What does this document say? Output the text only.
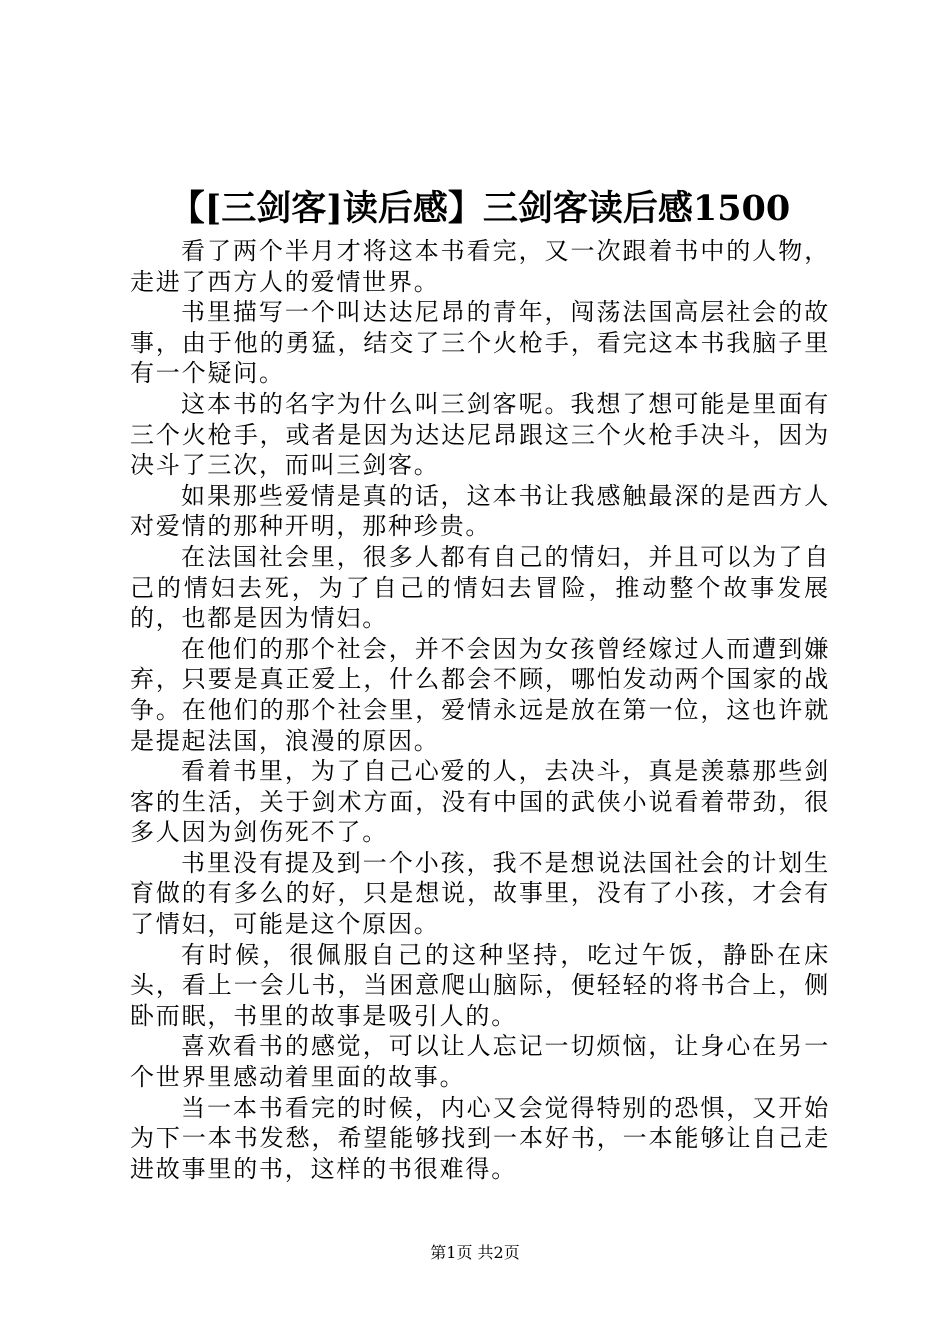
【[三剑客]读后感】三剑客读后感1500

看了两个半月才将这本书看完，又一次跟着书中的人物，走进了西方人的爱情世界。

书里描写一个叫达达尼昂的青年，闯荡法国高层社会的故事，由于他的勇猛，结交了三个火枪手，看完这本书我脑子里有一个疑问。

这本书的名字为什么叫三剑客呢。我想了想可能是里面有三个火枪手，或者是因为达达尼昂跟这三个火枪手决斗，因为决斗了三次，而叫三剑客。

如果那些爱情是真的话，这本书让我感触最深的是西方人对爱情的那种开明，那种珍贵。

在法国社会里，很多人都有自己的情妇，并且可以为了自己的情妇去死，为了自己的情妇去冒险，推动整个故事发展的，也都是因为情妇。

在他们的那个社会，并不会因为女孩曾经嫁过人而遭到嫌弃，只要是真正爱上，什么都会不顾，哪怕发动两个国家的战争。在他们的那个社会里，爱情永远是放在第一位，这也许就是提起法国，浪漫的原因。

看着书里，为了自己心爱的人，去决斗，真是羡慕那些剑客的生活，关于剑术方面，没有中国的武侠小说看着带劲，很多人因为剑伤死不了。

书里没有提及到一个小孩，我不是想说法国社会的计划生育做的有多么的好，只是想说，故事里，没有了小孩，才会有了情妇，可能是这个原因。

有时候，很佩服自己的这种坚持，吃过午饭，静卧在床头，看上一会儿书，当困意爬山脑际，便轻轻的将书合上，侧卧而眠，书里的故事是吸引人的。

喜欢看书的感觉，可以让人忘记一切烦恼，让身心在另一个世界里感动着里面的故事。

当一本书看完的时候，内心又会觉得特别的恐惧，又开始为下一本书发愁，希望能够找到一本好书，一本能够让自己走进故事里的书，这样的书很难得。

第1页 共2页
